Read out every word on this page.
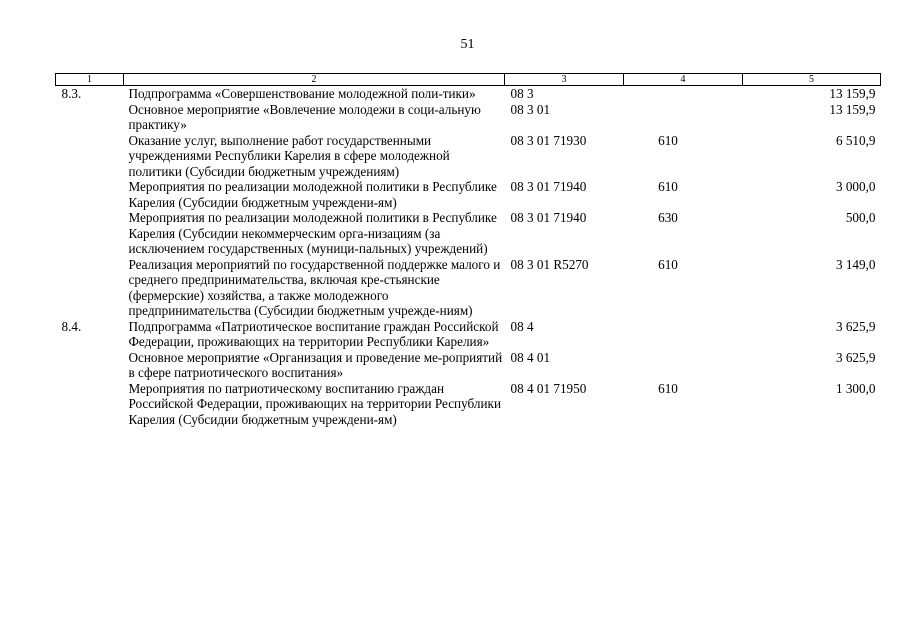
51
1	2	3	4	5
8.3.	Подпрограмма «Совершенствование молодежной поли-тики»	08 3		13 159,9
	Основное мероприятие «Вовлечение молодежи в соци-альную практику»	08 3 01		13 159,9
	Оказание услуг, выполнение работ государственными учреждениями Республики Карелия в сфере молодежной политики (Субсидии бюджетным учреждениям)	08 3 01 71930	610	6 510,9
	Мероприятия по реализации молодежной политики в Республике Карелия (Субсидии бюджетным учреждени-ям)	08 3 01 71940	610	3 000,0
	Мероприятия по реализации молодежной политики в Республике Карелия (Субсидии некоммерческим орга-низациям (за исключением государственных (муници-пальных) учреждений)	08 3 01 71940	630	500,0
	Реализация мероприятий по государственной поддержке малого и среднего предпринимательства, включая кре-стьянские (фермерские) хозяйства, а также молодежного предпринимательства (Субсидии бюджетным учрежде-ниям)	08 3 01 R5270	610	3 149,0
8.4.	Подпрограмма «Патриотическое воспитание граждан Российской Федерации, проживающих на территории Республики Карелия»	08 4		3 625,9
	Основное мероприятие «Организация и проведение ме-роприятий в сфере патриотического воспитания»	08 4 01		3 625,9
	Мероприятия по патриотическому воспитанию граждан Российской Федерации, проживающих на территории Республики Карелия (Субсидии бюджетным учреждени-ям)	08 4 01 71950	610	1 300,0
